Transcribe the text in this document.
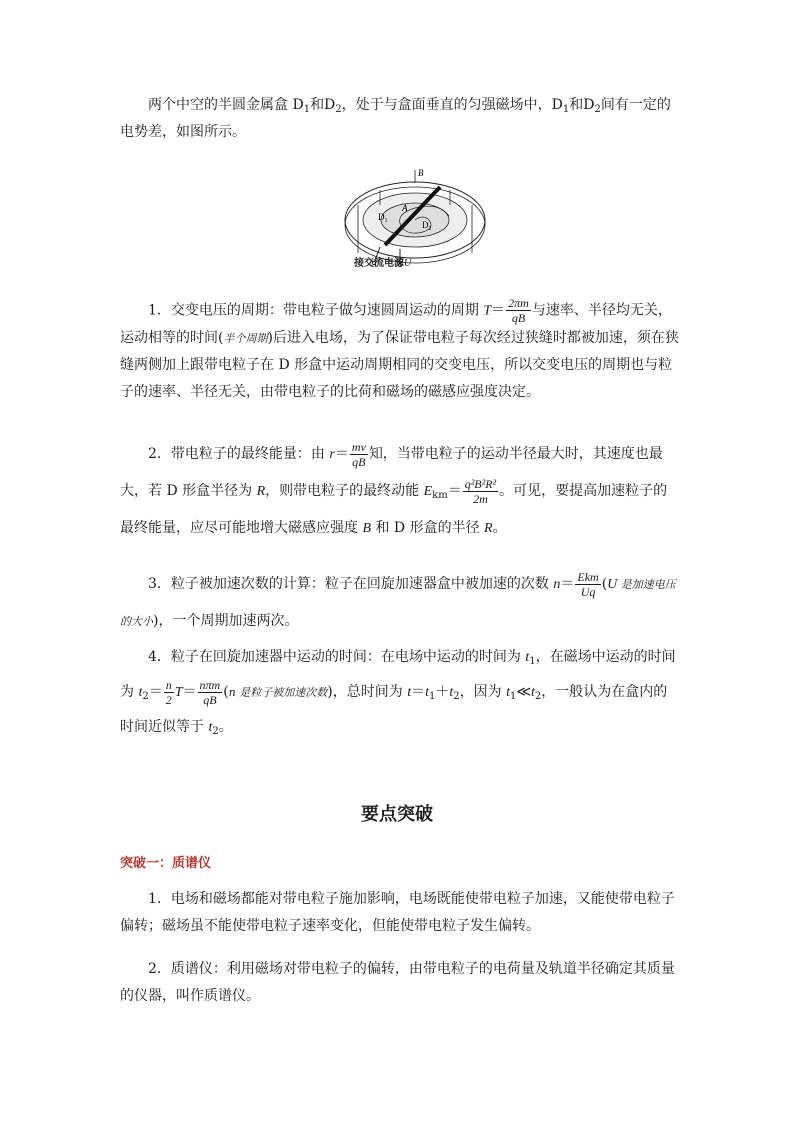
两个中空的半圆金属盒 $D_1$和$D_2$，处于与盒面垂直的匀强磁场中，$D_1$和$D_2$间有一定的电势差，如图所示。
B
A
$D_1$	$D_2$
接交流电源U
1．交变电压的周期：带电粒子做匀速圆周运动的周期 $T= \frac{2\pi m}{qB}$ 与速率、半径均无关，运动相等的时间(半个周期)后进入电场，为了保证带电粒子每次经过狭缝时都被加速，须在狭缝两侧加上跟带电粒子在 D 形盒中运动周期相同的交变电压，所以交变电压的周期也与粒子的速率、半径无关，由带电粒子的比荷和磁场的磁感应强度决定。
2．带电粒子的最终能量：由 $r= \frac{mv}{qB}$ 知，当带电粒子的运动半径最大时，其速度也最大，若 D 形盒半径为 R，则带电粒子的最终动能 $E_{km}= \frac{\text{q²B²R²}}{2m}$ 。可见，要提高加速粒子的最终能量，应尽可能地增大磁感应强度 B 和 D 形盒的半径 R。
3．粒子被加速次数的计算：粒子在回旋加速器盒中被加速的次数 $n= \frac{\text{Ekm}}{Uq} (U$ 是加速电压的大小)，一个周期加速两次。
4．粒子在回旋加速器中运动的时间：在电场中运动的时间为 $t_1$，在磁场中运动的时间为 $t_2= \frac{n}{2} T= \frac{\text{nπm}}{qB} (n$ 是粒子被加速次数)，总时间为 $t=t_1+t_2$，因为 $t_1≪t_2$，一般认为在盒内的时间近似等于 $t_2$。
要点突破
突破一：质谱仪
1．电场和磁场都能对带电粒子施加影响，电场既能使带电粒子加速，又能使带电粒子偏转；磁场虽不能使带电粒子速率变化，但能使带电粒子发生偏转。
2．质谱仪：利用磁场对带电粒子的偏转，由带电粒子的电荷量及轨道半径确定其质量的仪器，叫作质谱仪。
